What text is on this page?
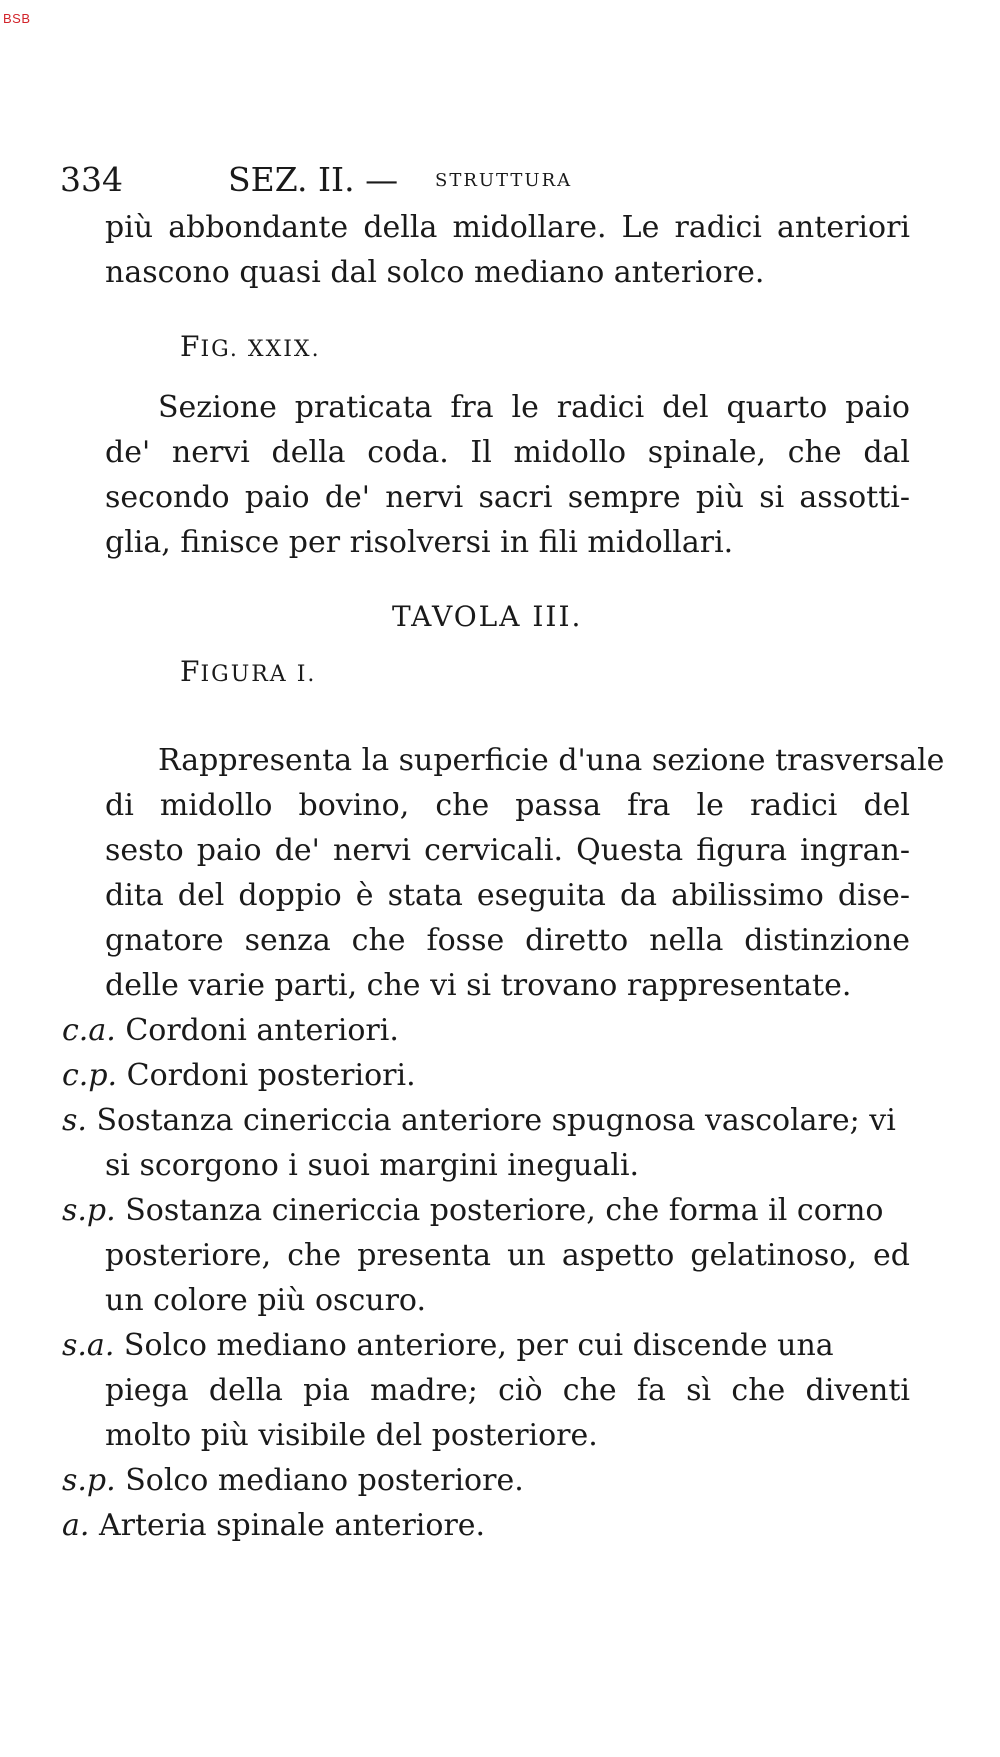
BSB
334	SEZ. II. — STRUTTURA
più abbondante della midollare. Le radici anteriori
nascono quasi dal solco mediano anteriore.
FIG. XXIX.
Sezione praticata fra le radici del quarto paio
de' nervi della coda. Il midollo spinale, che dal
secondo paio de' nervi sacri sempre più si assotti-
glia, finisce per risolversi in fili midollari.
TAVOLA III.
FIGURA I.
Rappresenta la superficie d'una sezione trasversale
di midollo bovino, che passa fra le radici del
sesto paio de' nervi cervicali. Questa figura ingran-
dita del doppio è stata eseguita da abilissimo dise-
gnatore senza che fosse diretto nella distinzione
delle varie parti, che vi si trovano rappresentate.
c.a. Cordoni anteriori.
c.p. Cordoni posteriori.
s. Sostanza cinericcia anteriore spugnosa vascolare; vi
si scorgono i suoi margini ineguali.
s.p. Sostanza cinericcia posteriore, che forma il corno
posteriore, che presenta un aspetto gelatinoso, ed
un colore più oscuro.
s.a. Solco mediano anteriore, per cui discende una
piega della pia madre; ciò che fa sì che diventi
molto più visibile del posteriore.
s.p. Solco mediano posteriore.
a. Arteria spinale anteriore.
